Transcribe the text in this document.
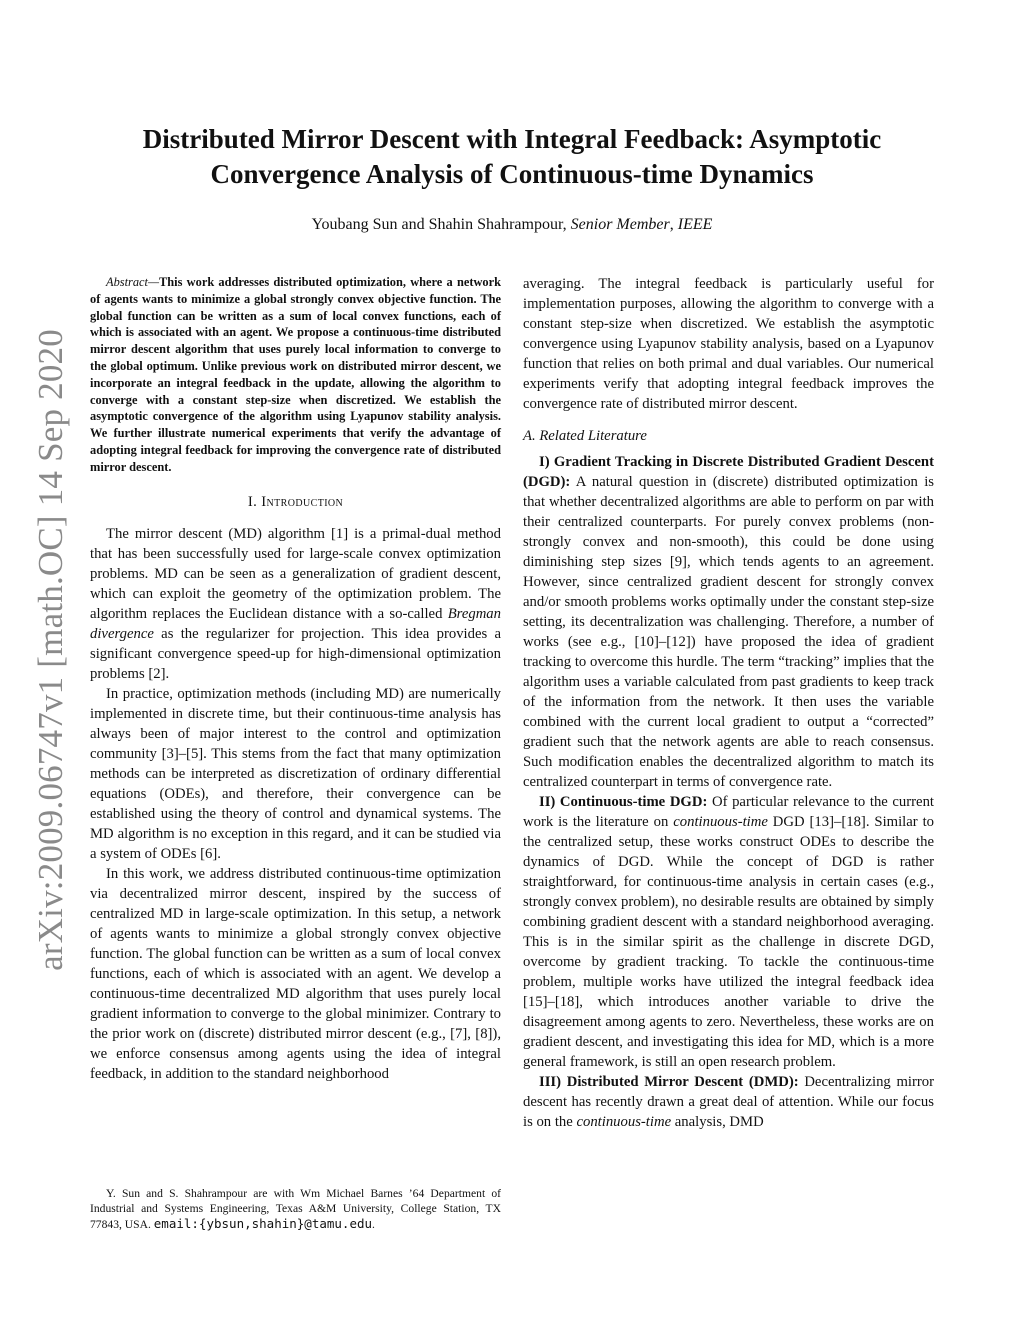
arXiv:2009.06747v1 [math.OC] 14 Sep 2020
Distributed Mirror Descent with Integral Feedback: Asymptotic Convergence Analysis of Continuous-time Dynamics
Youbang Sun and Shahin Shahrampour, Senior Member, IEEE

Abstract—This work addresses distributed optimization, where a network of agents wants to minimize a global strongly convex objective function. The global function can be written as a sum of local convex functions, each of which is associated with an agent. We propose a continuous-time distributed mirror descent algorithm that uses purely local information to converge to the global optimum. Unlike previous work on distributed mirror descent, we incorporate an integral feedback in the update, allowing the algorithm to converge with a constant step-size when discretized. We establish the asymptotic convergence of the algorithm using Lyapunov stability analysis. We further illustrate numerical experiments that verify the advantage of adopting integral feedback for improving the convergence rate of distributed mirror descent.

I. Introduction

The mirror descent (MD) algorithm [1] is a primal-dual method that has been successfully used for large-scale convex optimization problems. MD can be seen as a generalization of gradient descent, which can exploit the geometry of the optimization problem. The algorithm replaces the Euclidean distance with a so-called Bregman divergence as the regularizer for projection. This idea provides a significant convergence speed-up for high-dimensional optimization problems [2].

In practice, optimization methods (including MD) are numerically implemented in discrete time, but their continuous-time analysis has always been of major interest to the control and optimization community [3]–[5]. This stems from the fact that many optimization methods can be interpreted as discretization of ordinary differential equations (ODEs), and therefore, their convergence can be established using the theory of control and dynamical systems. The MD algorithm is no exception in this regard, and it can be studied via a system of ODEs [6].

In this work, we address distributed continuous-time optimization via decentralized mirror descent, inspired by the success of centralized MD in large-scale optimization. In this setup, a network of agents wants to minimize a global strongly convex objective function. The global function can be written as a sum of local convex functions, each of which is associated with an agent. We develop a continuous-time decentralized MD algorithm that uses purely local gradient information to converge to the global minimizer. Contrary to the prior work on (discrete) distributed mirror descent (e.g., [7], [8]), we enforce consensus among agents using the idea of integral feedback, in addition to the standard neighborhood

Y. Sun and S. Shahrampour are with Wm Michael Barnes ’64 Department of Industrial and Systems Engineering, Texas A&M University, College Station, TX 77843, USA. email:{ybsun,shahin}@tamu.edu.

averaging. The integral feedback is particularly useful for implementation purposes, allowing the algorithm to converge with a constant step-size when discretized. We establish the asymptotic convergence using Lyapunov stability analysis, based on a Lyapunov function that relies on both primal and dual variables. Our numerical experiments verify that adopting integral feedback improves the convergence rate of distributed mirror descent.

A. Related Literature

I) Gradient Tracking in Discrete Distributed Gradient Descent (DGD): A natural question in (discrete) distributed optimization is that whether decentralized algorithms are able to perform on par with their centralized counterparts. For purely convex problems (non-strongly convex and non-smooth), this could be done using diminishing step sizes [9], which tends agents to an agreement. However, since centralized gradient descent for strongly convex and/or smooth problems works optimally under the constant step-size setting, its decentralization was challenging. Therefore, a number of works (see e.g., [10]–[12]) have proposed the idea of gradient tracking to overcome this hurdle. The term “tracking” implies that the algorithm uses a variable calculated from past gradients to keep track of the information from the network. It then uses the variable combined with the current local gradient to output a “corrected” gradient such that the network agents are able to reach consensus. Such modification enables the decentralized algorithm to match its centralized counterpart in terms of convergence rate.

II) Continuous-time DGD: Of particular relevance to the current work is the literature on continuous-time DGD [13]–[18]. Similar to the centralized setup, these works construct ODEs to describe the dynamics of DGD. While the concept of DGD is rather straightforward, for continuous-time analysis in certain cases (e.g., strongly convex problem), no desirable results are obtained by simply combining gradient descent with a standard neighborhood averaging. This is in the similar spirit as the challenge in discrete DGD, overcome by gradient tracking. To tackle the continuous-time problem, multiple works have utilized the integral feedback idea [15]–[18], which introduces another variable to drive the disagreement among agents to zero. Nevertheless, these works are on gradient descent, and investigating this idea for MD, which is a more general framework, is still an open research problem.

III) Distributed Mirror Descent (DMD): Decentralizing mirror descent has recently drawn a great deal of attention. While our focus is on the continuous-time analysis, DMD
